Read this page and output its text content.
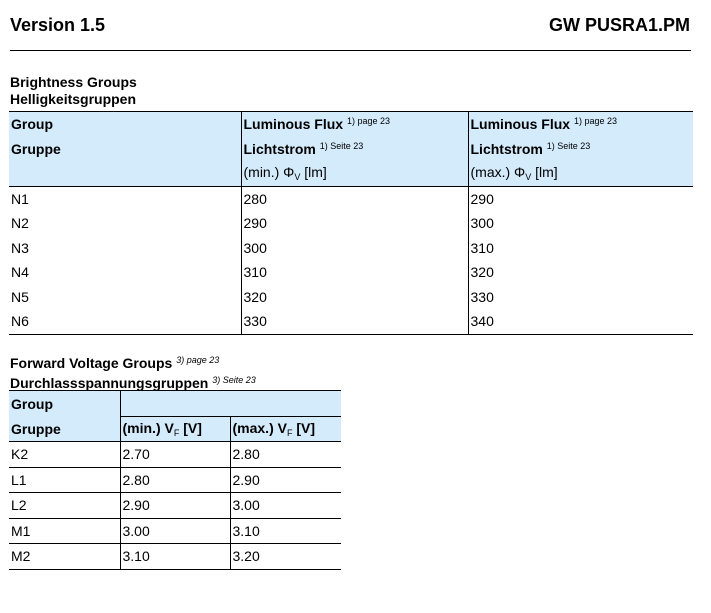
Version 1.5	GW PUSRA1.PM
Brightness Groups
Helligkeitsgruppen
Group	Luminous Flux $^{1) page 23}$	Luminous Flux $^{1) page 23}$
Gruppe	Lichtstrom $^{1) Seite 23}$	Lichtstrom $^{1) Seite 23}$
	(min.) $\Phi_V$ [lm]	(max.) $\Phi_V$ [lm]
N1	280	290
N2	290	300
N3	300	310
N4	310	320
N5	320	330
N6	330	340
Forward Voltage Groups $^{3) page 23}$
Durchlassspannungsgruppen $^{3) Seite 23}$
Group		
Gruppe	(min.) $V_F$ [V]	(max.) $V_F$ [V]
K2	2.70	2.80
L1	2.80	2.90
L2	2.90	3.00
M1	3.00	3.10
M2	3.10	3.20
